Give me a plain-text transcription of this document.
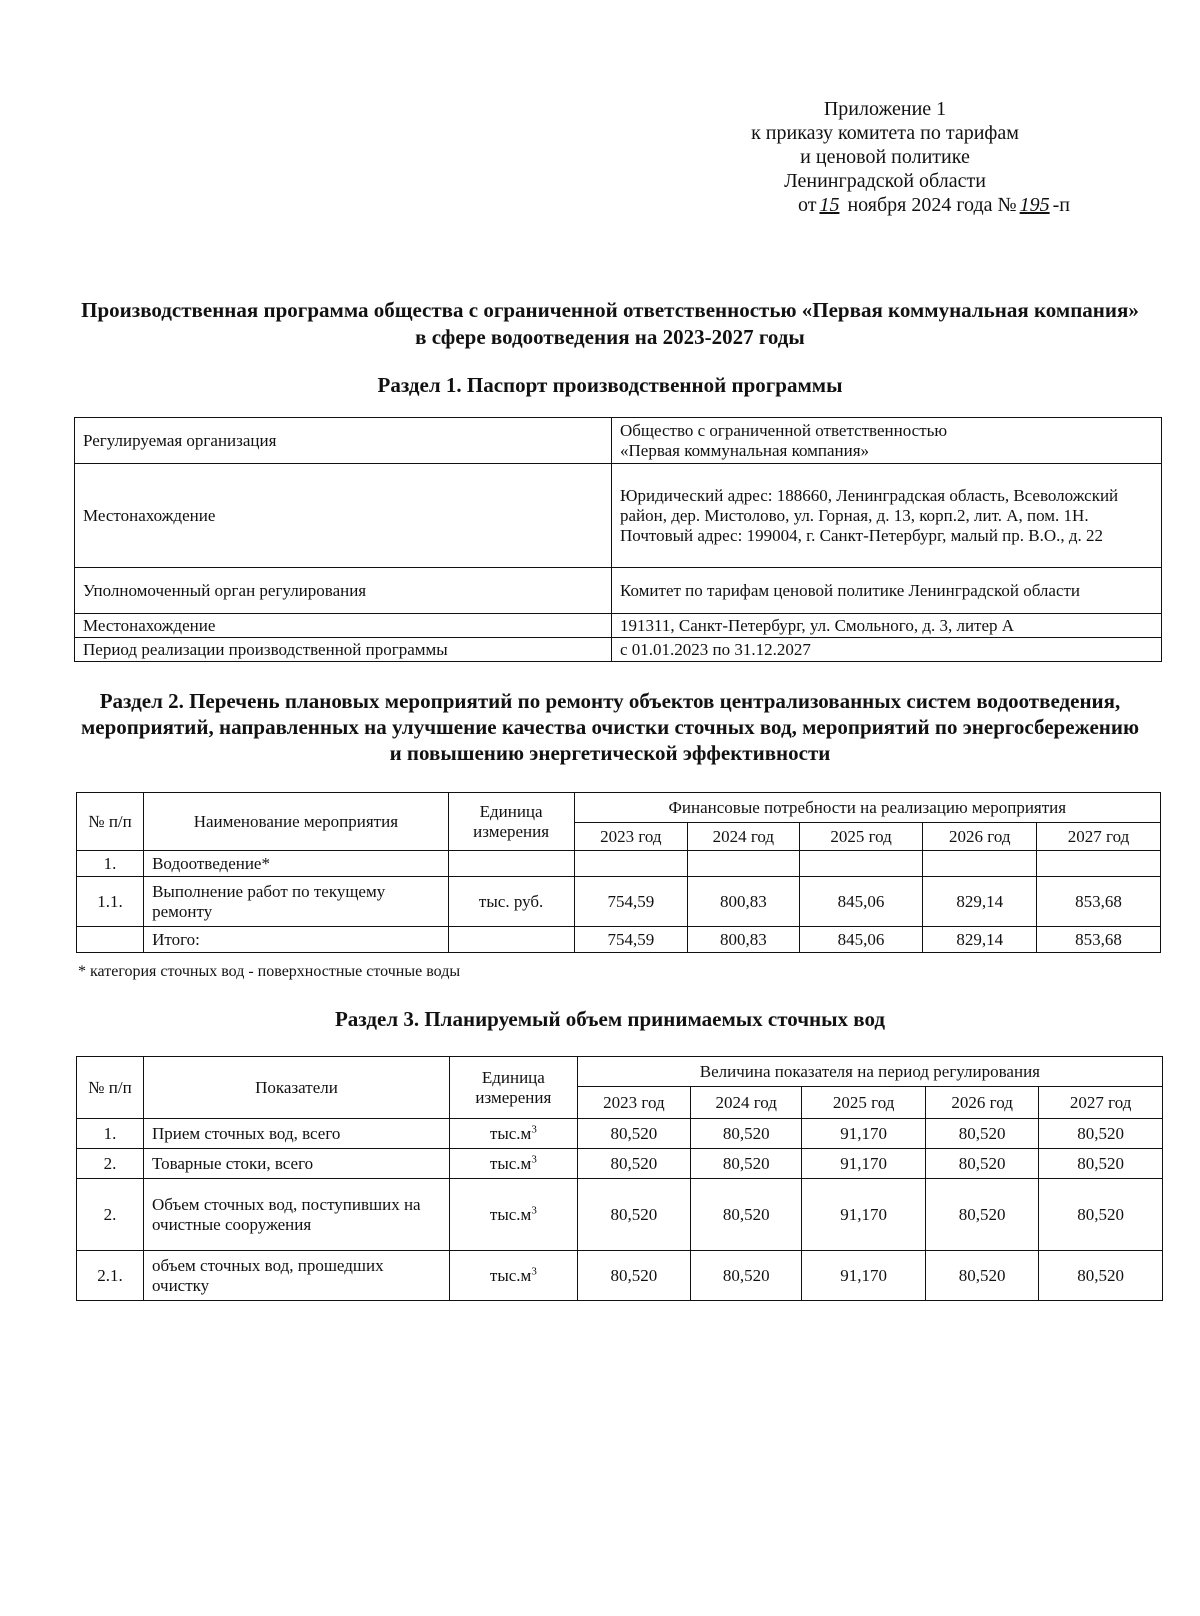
Приложение 1
к приказу комитета по тарифам
и ценовой политике
Ленинградской области
от 15 ноября 2024 года № 195 -п
Производственная программа общества с ограниченной ответственностью «Первая коммунальная компания» в сфере водоотведения на 2023-2027 годы
Раздел 1. Паспорт производственной программы
Регулируемая организация	Общество с ограниченной ответственностью
«Первая коммунальная компания»

Местонахождение	Юридический адрес: 188660, Ленинградская область, Всеволожский район, дер. Мистолово, ул. Горная, д. 13, корп.2, лит. А, пом. 1Н.
Почтовый адрес: 199004, г. Санкт-Петербург, малый пр. В.О., д. 22

Уполномоченный орган регулирования	Комитет по тарифам ценовой политике Ленинградской области

Местонахождение	191311, Санкт-Петербург, ул. Смольного, д. 3, литер А

Период реализации производственной программы	с 01.01.2023 по 31.12.2027
Раздел 2. Перечень плановых мероприятий по ремонту объектов централизованных систем водоотведения, мероприятий, направленных на улучшение качества очистки сточных вод, мероприятий по энергосбережению и повышению энергетической эффективности
№ п/п	Наименование мероприятия	Единица измерения	Финансовые потребности на реализацию мероприятия				
			2023 год	2024 год	2025 год	2026 год	2027 год
1.	Водоотведение*						
1.1.	Выполнение работ по текущему ремонту	тыс. руб.	754,59	800,83	845,06	829,14	853,68
	Итого:		754,59	800,83	845,06	829,14	853,68
* категория сточных вод - поверхностные сточные воды
Раздел 3. Планируемый объем принимаемых сточных вод
№ п/п	Показатели	Единица измерения	Величина показателя на период регулирования				
			2023 год	2024 год	2025 год	2026 год	2027 год
1.	Прием сточных вод, всего	$тыс.м^3$	80,520	80,520	91,170	80,520	80,520
2.	Товарные стоки, всего	$тыс.м^3$	80,520	80,520	91,170	80,520	80,520
2.	Объем сточных вод, поступивших на очистные сооружения	$тыс.м^3$	80,520	80,520	91,170	80,520	80,520
2.1.	объем сточных вод, прошедших очистку	$тыс.м^3$	80,520	80,520	91,170	80,520	80,520
